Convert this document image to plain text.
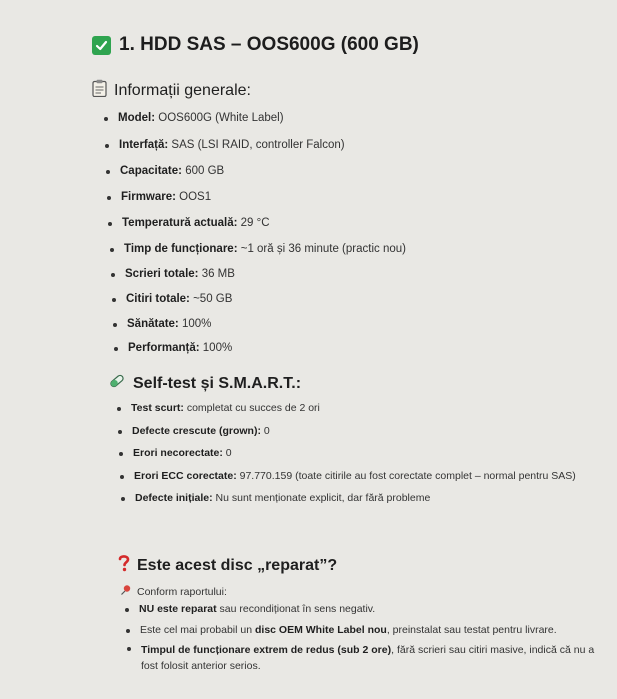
1. HDD SAS – OOS600G (600 GB)
Informații generale:
Model: OOS600G (White Label)
Interfață: SAS (LSI RAID, controller Falcon)
Capacitate: 600 GB
Firmware: OOS1
Temperatură actuală: 29 °C
Timp de funcționare: ~1 oră și 36 minute (practic nou)
Scrieri totale: 36 MB
Citiri totale: ~50 GB
Sănătate: 100%
Performanță: 100%
Self-test și S.M.A.R.T.:
Test scurt: completat cu succes de 2 ori
Defecte crescute (grown): 0
Erori necorectate: 0
Erori ECC corectate: 97.770.159 (toate citirile au fost corectate complet – normal pentru SAS)
Defecte inițiale: Nu sunt menționate explicit, dar fără probleme
Este acest disc „reparat”?
Conform raportului:
NU este reparat sau recondiționat în sens negativ.
Este cel mai probabil un disc OEM White Label nou, preinstalat sau testat pentru livrare.
Timpul de funcționare extrem de redus (sub 2 ore), fără scrieri sau citiri masive, indică că nu a fost folosit anterior serios.
